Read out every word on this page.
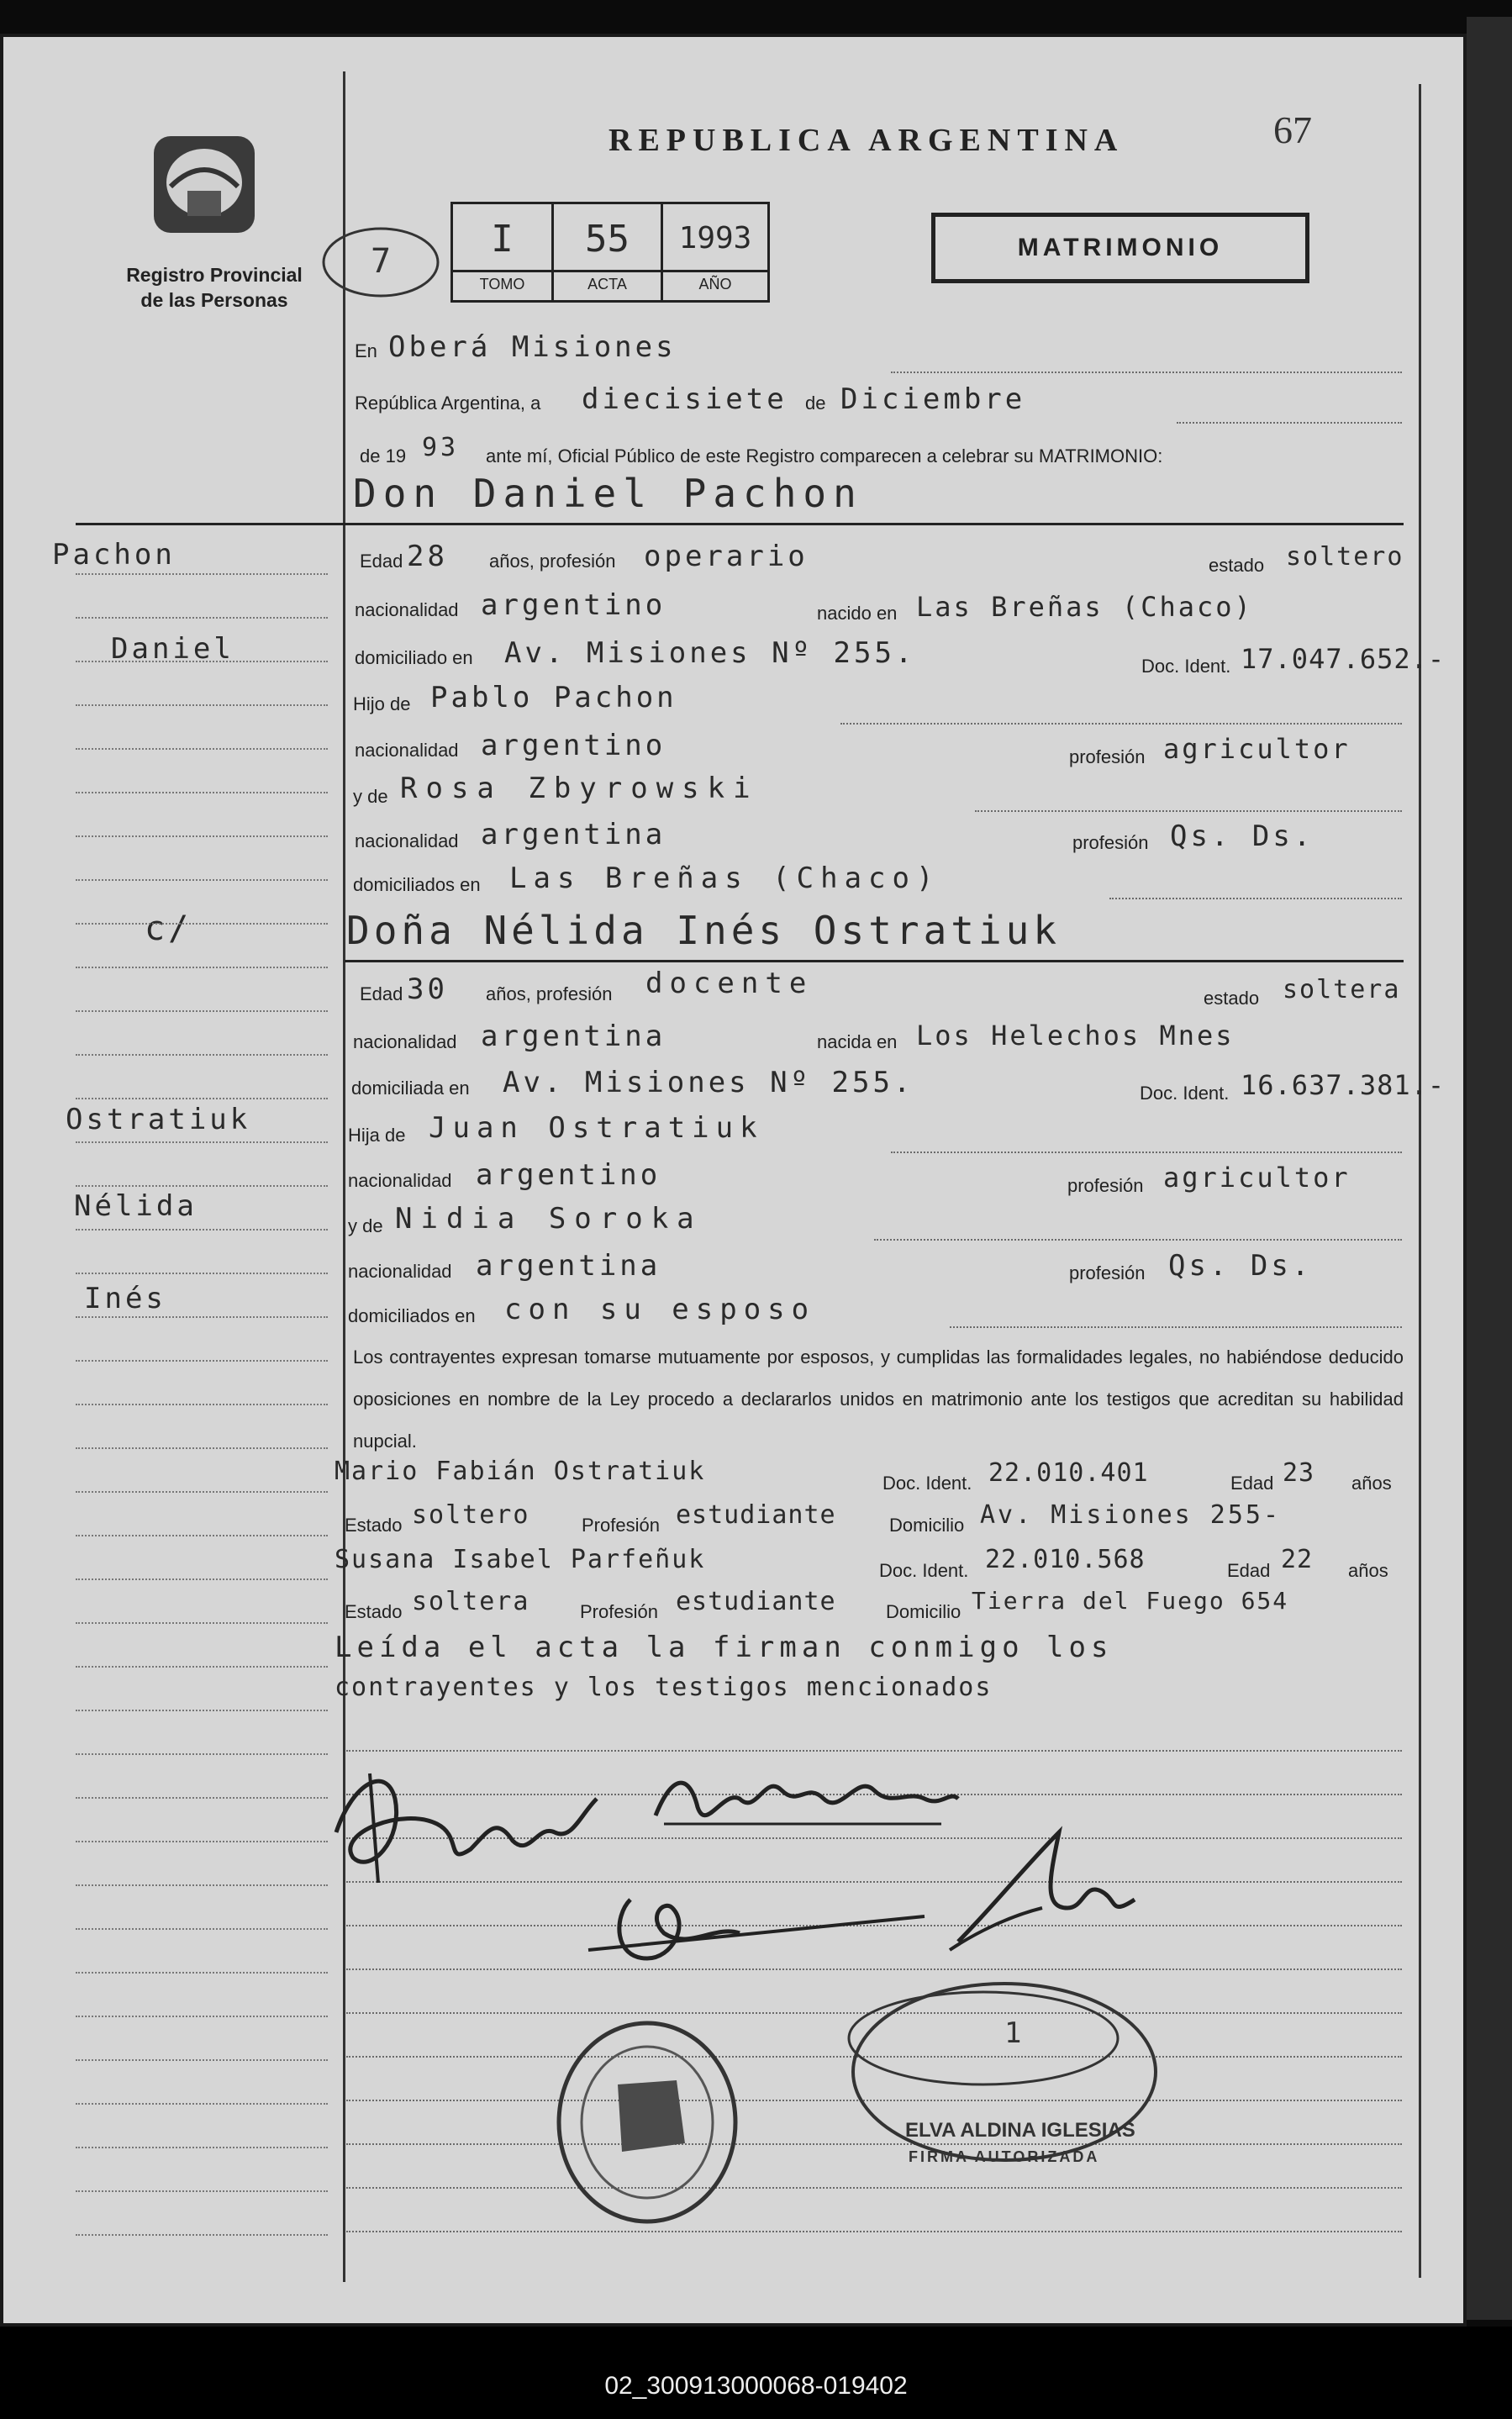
02_300913000068-019402
Registro Provincial
de las Personas
REPUBLICA ARGENTINA	67
MATRIMONIO
7
I
TOMO
55
ACTA
1993
AÑO
En Oberá Misiones
República Argentina, a diecisiete de Diciembre
de 19 93 ante mí, Oficial Público de este Registro comparecen a celebrar su MATRIMONIO:
Don Daniel Pachon
Edad 28 años, profesión operario	estado soltero
nacionalidad argentino	nacido en Las Breñas (Chaco)
domiciliado en Av. Misiones Nº 255.	Doc. Ident. 17.047.652.-
Hijo de Pablo Pachon
nacionalidad argentino	profesión agricultor
y de Rosa Zbyrowski
nacionalidad argentina	profesión Qs. Ds.
domiciliados en Las Breñas (Chaco)
Doña Nélida Inés Ostratiuk
Edad 30 años, profesión docente	estado soltera
nacionalidad argentina	nacida en Los Helechos Mnes
domiciliada en Av. Misiones Nº 255.	Doc. Ident. 16.637.381.-
Hija de Juan Ostratiuk
nacionalidad argentino	profesión agricultor
y de Nidia Soroka
nacionalidad argentina	profesión Qs. Ds.
domiciliados en con su esposo
Pachon
Daniel
c/
Ostratiuk
Nélida
Inés
Los contrayentes expresan tomarse mutuamente por esposos, y cumplidas las formalidades legales, no habiéndose deducido oposiciones en nombre de la Ley procedo a declararlos unidos en matrimonio ante los testigos que acreditan su habilidad nupcial.
Mario Fabián Ostratiuk	Doc. Ident. 22.010.401	Edad 23 años
Estado soltero	Profesión estudiante	Domicilio Av. Misiones 255-
Susana Isabel Parfeñuk	Doc. Ident. 22.010.568	Edad 22 años
Estado soltera	Profesión estudiante	Domicilio Tierra del Fuego 654
Leída el acta la firman conmigo los
contrayentes y los testigos mencionados
1
ELVA ALDINA IGLESIAS
FIRMA AUTORIZADA
